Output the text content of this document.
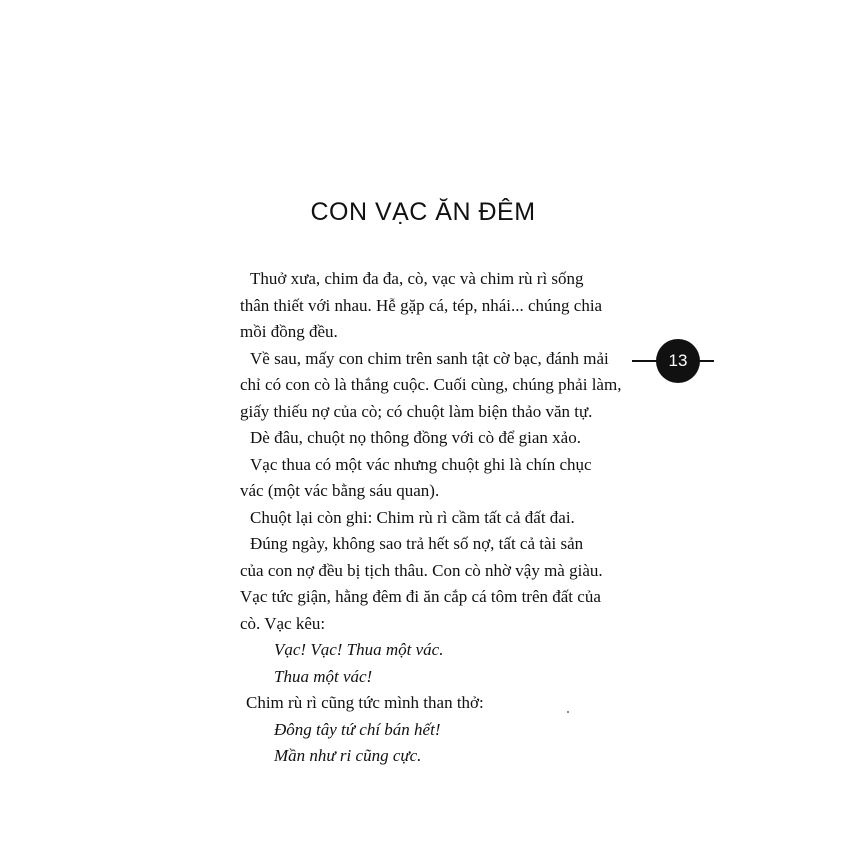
CON VẠC ĂN ĐÊM
Thuở xưa, chim đa đa, cò, vạc và chim rù rì sống
thân thiết với nhau. Hễ gặp cá, tép, nhái... chúng chia
mồi đồng đều.
Về sau, mấy con chim trên sanh tật cờ bạc, đánh mải
chỉ có con cò là thắng cuộc. Cuối cùng, chúng phải làm,
giấy thiếu nợ của cò; có chuột làm biện thảo văn tự.
Dè đâu, chuột nọ thông đồng với cò để gian xảo.
Vạc thua có một vác nhưng chuột ghi là chín chục
vác (một vác bằng sáu quan).
Chuột lại còn ghi: Chim rù rì cầm tất cả đất đai.
Đúng ngày, không sao trả hết số nợ, tất cả tài sản
của con nợ đều bị tịch thâu. Con cò nhờ vậy mà giàu.
Vạc tức giận, hằng đêm đi ăn cắp cá tôm trên đất của
cò. Vạc kêu:
Vạc! Vạc! Thua một vác.
Thua một vác!
Chim rù rì cũng tức mình than thở:
Đông tây tứ chí bán hết!
Mần như ri cũng cực.
13
